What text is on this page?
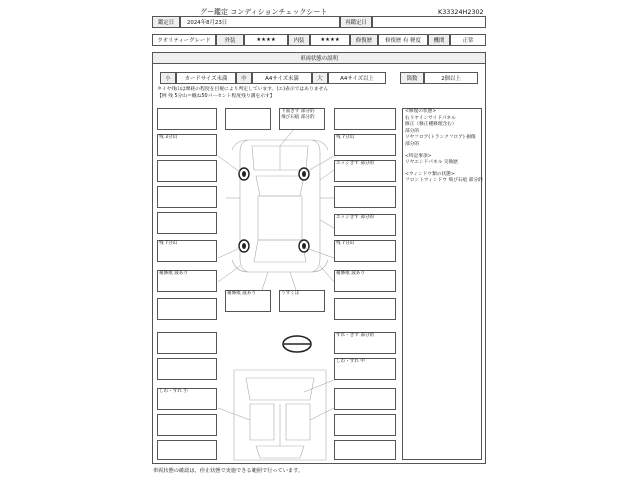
グー鑑定 コンディションチェックシート	K33324H2302
鑑定日	2024年8月23日	再鑑定日
クオリティーグレード	外装	★★★★	内装	★★★★	修復歴	修復歴 有 軽度	機関	正常
車両状態の説明
小	カードサイズ未満	中	A4サイズ未満	大	A4サイズ以上	箇数	2個以上
タイヤ残山は摩耗の程度を目視により判定しています。(エ)表示ではありません
【例 残 5分山＝概ね50パーセント程度残り溝を示す】
残 3分山
残 7分山
補修痕 波あり
しわ・すれ 小
下面きず 部分的
飛び石痕 部分的
補修痕 波あり	うずくぼ
残 7分山
エッジきず 部分的
エッジきず 部分的
残 7分山
補修痕 波あり
すれ・きず 部分的
しわ・すれ 中
<修復の状態>
右リヤインサイドパネル
修正（修正種修理含む）
部分的
リヤフロア(トランクフロア) 損傷
部分的
<特記事項>
リヤエンドパネル 交換歴
<ウィンドウ類の状態>
フロントウィンドウ 飛び石痕 部分的
車両状態の確認は，停止状態で実施できる範囲で行っています。
